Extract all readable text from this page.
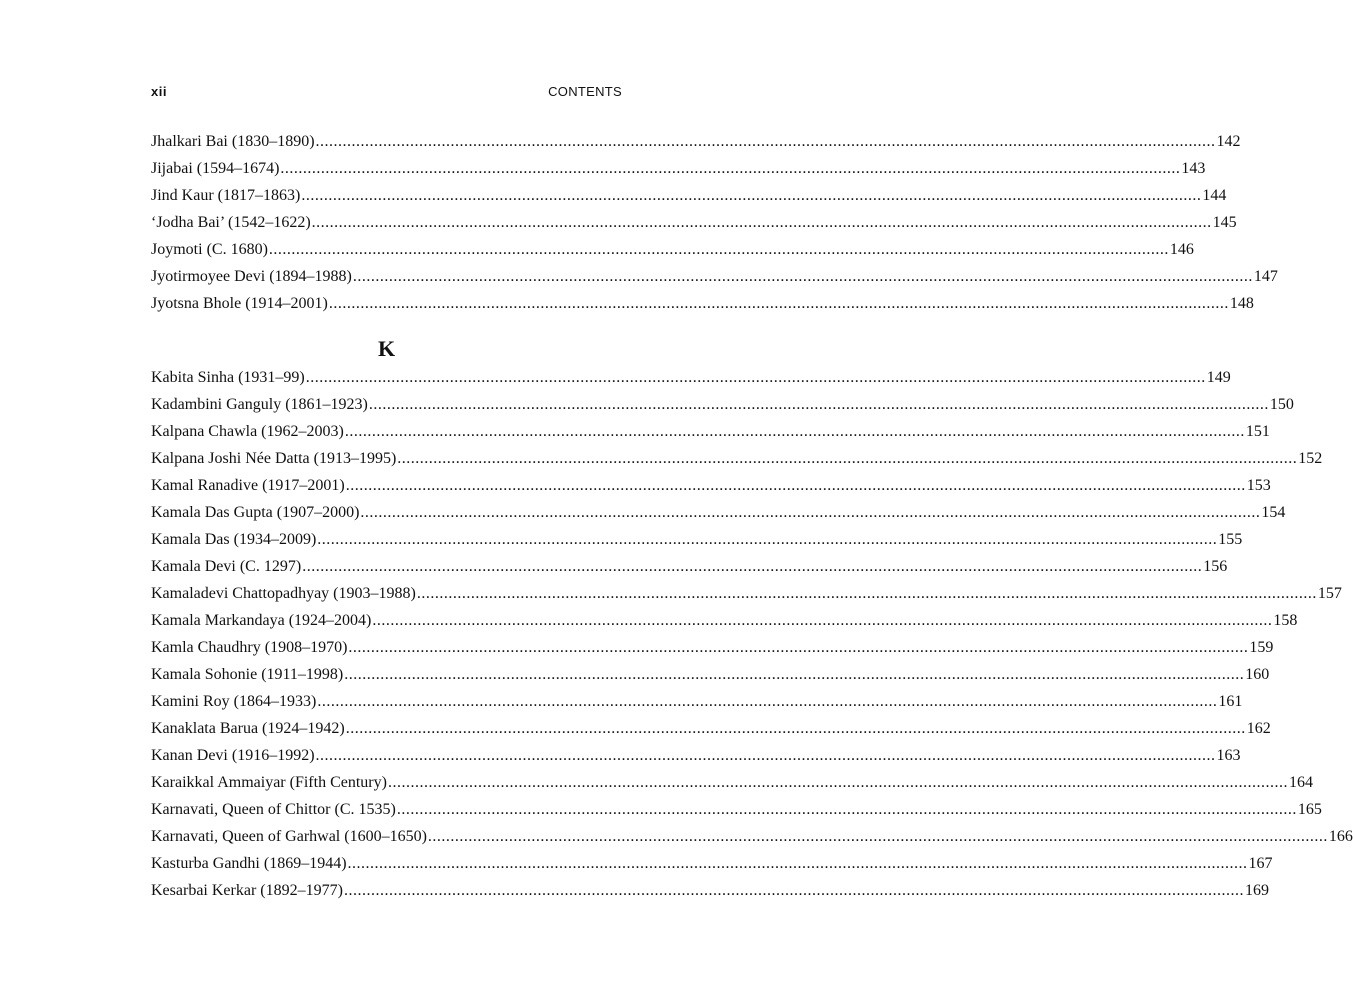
xii	CONTENTS
Jhalkari Bai (1830–1890) ........................................................................................................................................................................................................ 142
Jijabai (1594–1674) ........................................................................................................................................................................................................ 143
Jind Kaur (1817–1863) ........................................................................................................................................................................................................ 144
‘Jodha Bai’ (1542–1622) ........................................................................................................................................................................................................ 145
Joymoti (C. 1680) ........................................................................................................................................................................................................ 146
Jyotirmoyee Devi (1894–1988) ........................................................................................................................................................................................................ 147
Jyotsna Bhole (1914–2001) ........................................................................................................................................................................................................ 148
K
Kabita Sinha (1931–99) ........................................................................................................................................................................................................ 149
Kadambini Ganguly (1861–1923) ........................................................................................................................................................................................................ 150
Kalpana Chawla (1962–2003) ........................................................................................................................................................................................................ 151
Kalpana Joshi Née Datta (1913–1995) ........................................................................................................................................................................................................ 152
Kamal Ranadive (1917–2001) ........................................................................................................................................................................................................ 153
Kamala Das Gupta (1907–2000) ........................................................................................................................................................................................................ 154
Kamala Das (1934–2009) ........................................................................................................................................................................................................ 155
Kamala Devi (C. 1297) ........................................................................................................................................................................................................ 156
Kamaladevi Chattopadhyay (1903–1988) ........................................................................................................................................................................................................ 157
Kamala Markandaya (1924–2004) ........................................................................................................................................................................................................ 158
Kamla Chaudhry (1908–1970) ........................................................................................................................................................................................................ 159
Kamala Sohonie (1911–1998) ........................................................................................................................................................................................................ 160
Kamini Roy (1864–1933) ........................................................................................................................................................................................................ 161
Kanaklata Barua (1924–1942) ........................................................................................................................................................................................................ 162
Kanan Devi (1916–1992) ........................................................................................................................................................................................................ 163
Karaikkal Ammaiyar (Fifth Century) ........................................................................................................................................................................................................ 164
Karnavati, Queen of Chittor (C. 1535) ........................................................................................................................................................................................................ 165
Karnavati, Queen of Garhwal (1600–1650) ........................................................................................................................................................................................................ 166
Kasturba Gandhi (1869–1944) ........................................................................................................................................................................................................ 167
Kesarbai Kerkar (1892–1977) ........................................................................................................................................................................................................ 169
